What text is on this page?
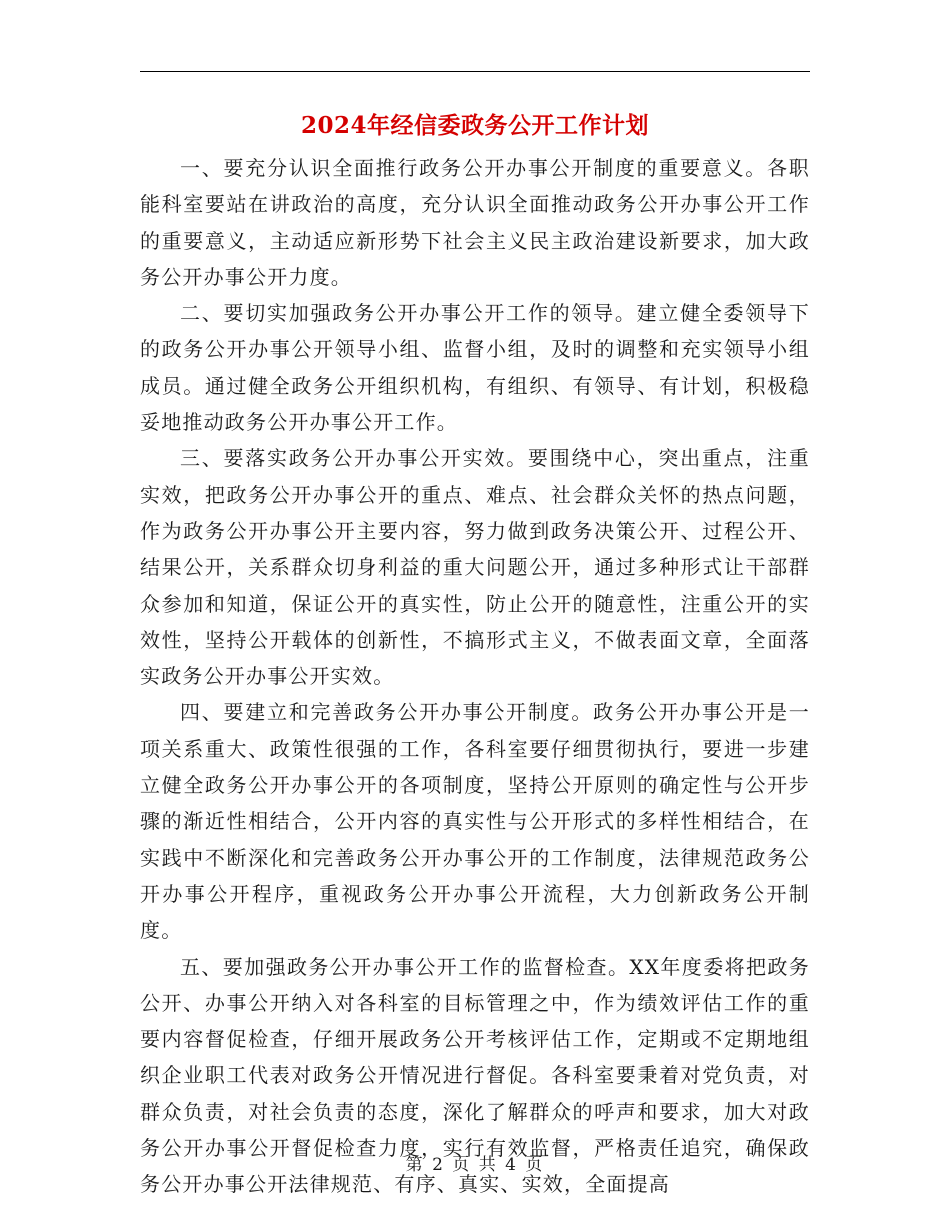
2024年经信委政务公开工作计划

一、要充分认识全面推行政务公开办事公开制度的重要意义。各职能科室要站在讲政治的高度，充分认识全面推动政务公开办事公开工作的重要意义，主动适应新形势下社会主义民主政治建设新要求，加大政务公开办事公开力度。

二、要切实加强政务公开办事公开工作的领导。建立健全委领导下的政务公开办事公开领导小组、监督小组，及时的调整和充实领导小组成员。通过健全政务公开组织机构，有组织、有领导、有计划，积极稳妥地推动政务公开办事公开工作。

三、要落实政务公开办事公开实效。要围绕中心，突出重点，注重实效，把政务公开办事公开的重点、难点、社会群众关怀的热点问题，作为政务公开办事公开主要内容，努力做到政务决策公开、过程公开、结果公开，关系群众切身利益的重大问题公开，通过多种形式让干部群众参加和知道，保证公开的真实性，防止公开的随意性，注重公开的实效性，坚持公开载体的创新性，不搞形式主义，不做表面文章，全面落实政务公开办事公开实效。

四、要建立和完善政务公开办事公开制度。政务公开办事公开是一项关系重大、政策性很强的工作，各科室要仔细贯彻执行，要进一步建立健全政务公开办事公开的各项制度，坚持公开原则的确定性与公开步骤的渐近性相结合，公开内容的真实性与公开形式的多样性相结合，在实践中不断深化和完善政务公开办事公开的工作制度，法律规范政务公开办事公开程序，重视政务公开办事公开流程，大力创新政务公开制度。

五、要加强政务公开办事公开工作的监督检查。XX年度委将把政务公开、办事公开纳入对各科室的目标管理之中，作为绩效评估工作的重要内容督促检查，仔细开展政务公开考核评估工作，定期或不定期地组织企业职工代表对政务公开情况进行督促。各科室要秉着对党负责，对群众负责，对社会负责的态度，深化了解群众的呼声和要求，加大对政务公开办事公开督促检查力度，实行有效监督，严格责任追究，确保政务公开办事公开法律规范、有序、真实、实效，全面提高

第 2 页 共 4 页
